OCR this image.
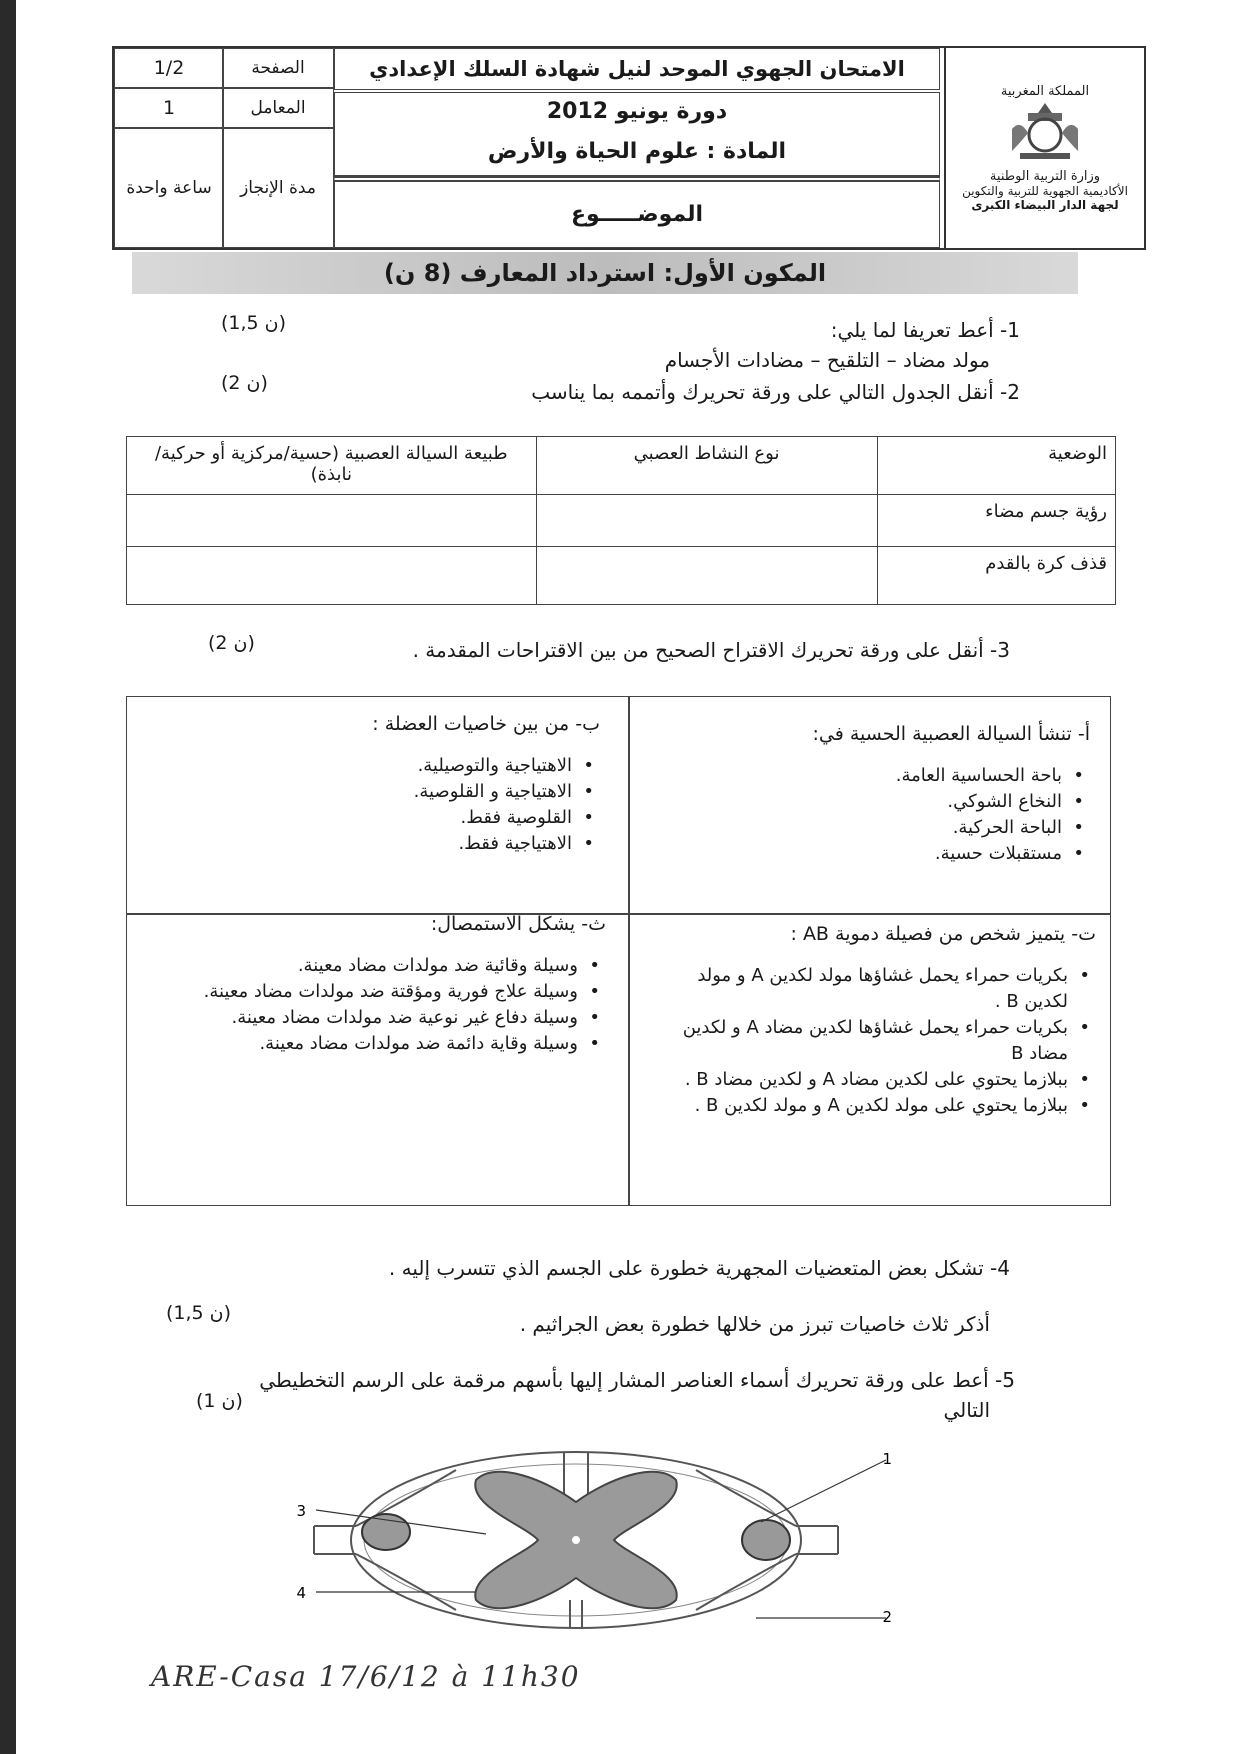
المملكة المغربية
وزارة التربية الوطنية
الأكاديمية الجهوية للتربية والتكوين
لجهة الدار البيضاء الكبرى
الامتحان الجهوي الموحد لنيل شهادة السلك الإعدادي
دورة يونيو 2012
المادة : علوم الحياة والأرض
الموضـــــوع
الصفحة
1/2
المعامل
1
مدة الإنجاز
ساعة واحدة
المكون الأول: استرداد المعارف (8 ن)
1- أعط تعريفا لما يلي:
مولد مضاد – التلقيح – مضادات الأجسام
(1,5 ن)
2- أنقل الجدول التالي على ورقة تحريرك وأتممه بما يناسب
(2 ن)
الوضعية	نوع النشاط العصبي	طبيعة السيالة العصبية (حسية/مركزية أو حركية/نابذة)
رؤية جسم مضاء		
قذف كرة بالقدم		
3- أنقل على ورقة تحريرك الاقتراح الصحيح من بين الاقتراحات المقدمة .
(2 ن)
أ- تنشأ السيالة العصبية الحسية في:
• باحة الحساسية العامة.
• النخاع الشوكي.
• الباحة الحركية.
• مستقبلات حسية.
ب- من بين خاصيات العضلة :
• الاهتياجية والتوصيلية.
• الاهتياجية و القلوصية.
• القلوصية فقط.
• الاهتياجية فقط.
ت- يتميز شخص من فصيلة دموية AB :
• بكريات حمراء يحمل غشاؤها مولد لكدين A و مولد لكدين B .
• بكريات حمراء يحمل غشاؤها لكدين مضاد A و لكدين مضاد B
• ببلازما يحتوي على لكدين مضاد A و لكدين مضاد B .
• ببلازما يحتوي على مولد لكدين A و مولد لكدين B .
ث- يشكل الاستمصال:
• وسيلة وقائية ضد مولدات مضاد معينة.
• وسيلة علاج فورية ومؤقتة ضد مولدات مضاد معينة.
• وسيلة دفاع غير نوعية ضد مولدات مضاد معينة.
• وسيلة وقاية دائمة ضد مولدات مضاد معينة.
4- تشكل بعض المتعضيات المجهرية خطورة على الجسم الذي تتسرب إليه .
أذكر ثلاث خاصيات تبرز من خلالها خطورة بعض الجراثيم .
(1,5 ن)
5- أعط على ورقة تحريرك أسماء العناصر المشار إليها بأسهم مرقمة على الرسم التخطيطي
التالي
(1 ن)
3
4
1
2
ARE-Casa 17/6/12 à 11h30
